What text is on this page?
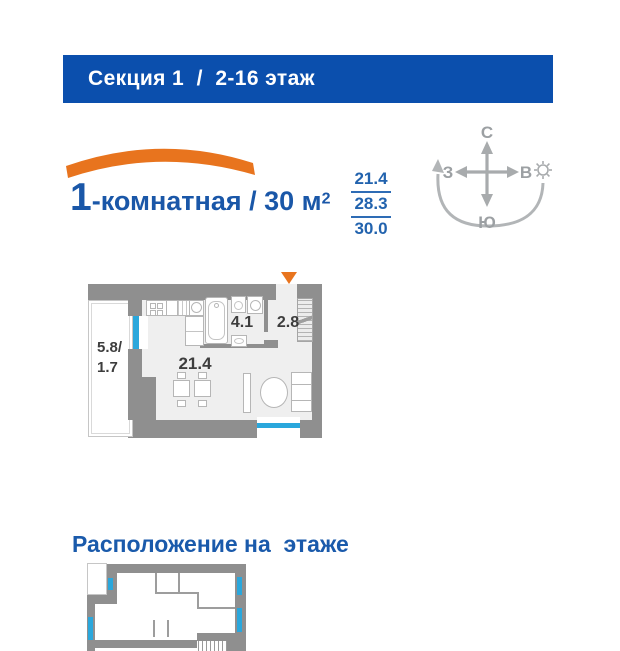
Секция 1  /  2-16 этаж
1-комнатная / 30 $м^2$
21.4
28.3
30.0
С
Ю
З	В
5.8/
1.7	21.4
4.1 2.8
Расположение на  этаже
